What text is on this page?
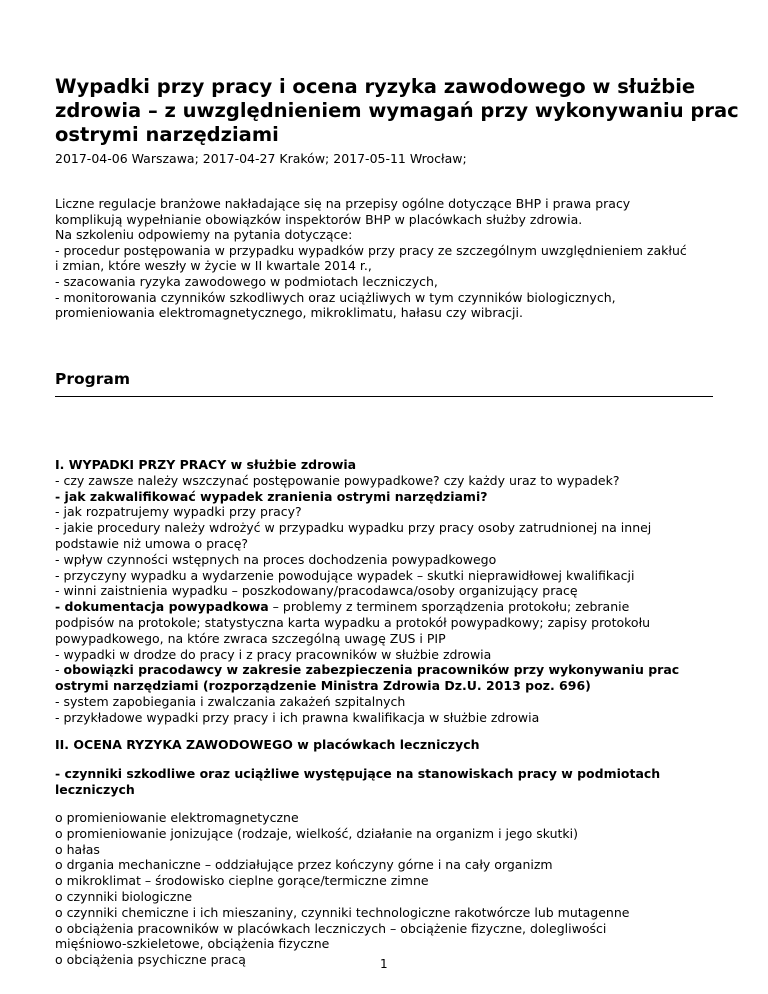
Wypadki przy pracy i ocena ryzyka zawodowego w służbie
zdrowia – z uwzględnieniem wymagań przy wykonywaniu prac
ostrymi narzędziami
2017-04-06 Warszawa; 2017-04-27 Kraków; 2017-05-11 Wrocław;
Liczne regulacje branżowe nakładające się na przepisy ogólne dotyczące BHP i prawa pracy
komplikują wypełnianie obowiązków inspektorów BHP w placówkach służby zdrowia.
Na szkoleniu odpowiemy na pytania dotyczące:
- procedur postępowania w przypadku wypadków przy pracy ze szczególnym uwzględnieniem zakłuć
i zmian, które weszły w życie w II kwartale 2014 r.,
- szacowania ryzyka zawodowego w podmiotach leczniczych,
- monitorowania czynników szkodliwych oraz uciążliwych w tym czynników biologicznych,
promieniowania elektromagnetycznego, mikroklimatu, hałasu czy wibracji.
Program
I. WYPADKI PRZY PRACY w służbie zdrowia
- czy zawsze należy wszczynać postępowanie powypadkowe? czy każdy uraz to wypadek?
- jak zakwalifikować wypadek zranienia ostrymi narzędziami?
- jak rozpatrujemy wypadki przy pracy?
- jakie procedury należy wdrożyć w przypadku wypadku przy pracy osoby zatrudnionej na innej
podstawie niż umowa o pracę?
- wpływ czynności wstępnych na proces dochodzenia powypadkowego
- przyczyny wypadku a wydarzenie powodujące wypadek – skutki nieprawidłowej kwalifikacji
- winni zaistnienia wypadku – poszkodowany/pracodawca/osoby organizujący pracę
- dokumentacja powypadkowa – problemy z terminem sporządzenia protokołu; zebranie
podpisów na protokole; statystyczna karta wypadku a protokół powypadkowy; zapisy protokołu
powypadkowego, na które zwraca szczególną uwagę ZUS i PIP
- wypadki w drodze do pracy i z pracy pracowników w służbie zdrowia
- obowiązki pracodawcy w zakresie zabezpieczenia pracowników przy wykonywaniu prac
ostrymi narzędziami (rozporządzenie Ministra Zdrowia Dz.U. 2013 poz. 696)
- system zapobiegania i zwalczania zakażeń szpitalnych
- przykładowe wypadki przy pracy i ich prawna kwalifikacja w służbie zdrowia
II. OCENA RYZYKA ZAWODOWEGO w placówkach leczniczych
- czynniki szkodliwe oraz uciążliwe występujące na stanowiskach pracy w podmiotach
leczniczych
o promieniowanie elektromagnetyczne
o promieniowanie jonizujące (rodzaje, wielkość, działanie na organizm i jego skutki)
o hałas
o drgania mechaniczne – oddziałujące przez kończyny górne i na cały organizm
o mikroklimat – środowisko cieplne gorące/termiczne zimne
o czynniki biologiczne
o czynniki chemiczne i ich mieszaniny, czynniki technologiczne rakotwórcze lub mutagenne
o obciążenia pracowników w placówkach leczniczych – obciążenie fizyczne, dolegliwości
mięśniowo-szkieletowe, obciążenia fizyczne
o obciążenia psychiczne pracą	1
